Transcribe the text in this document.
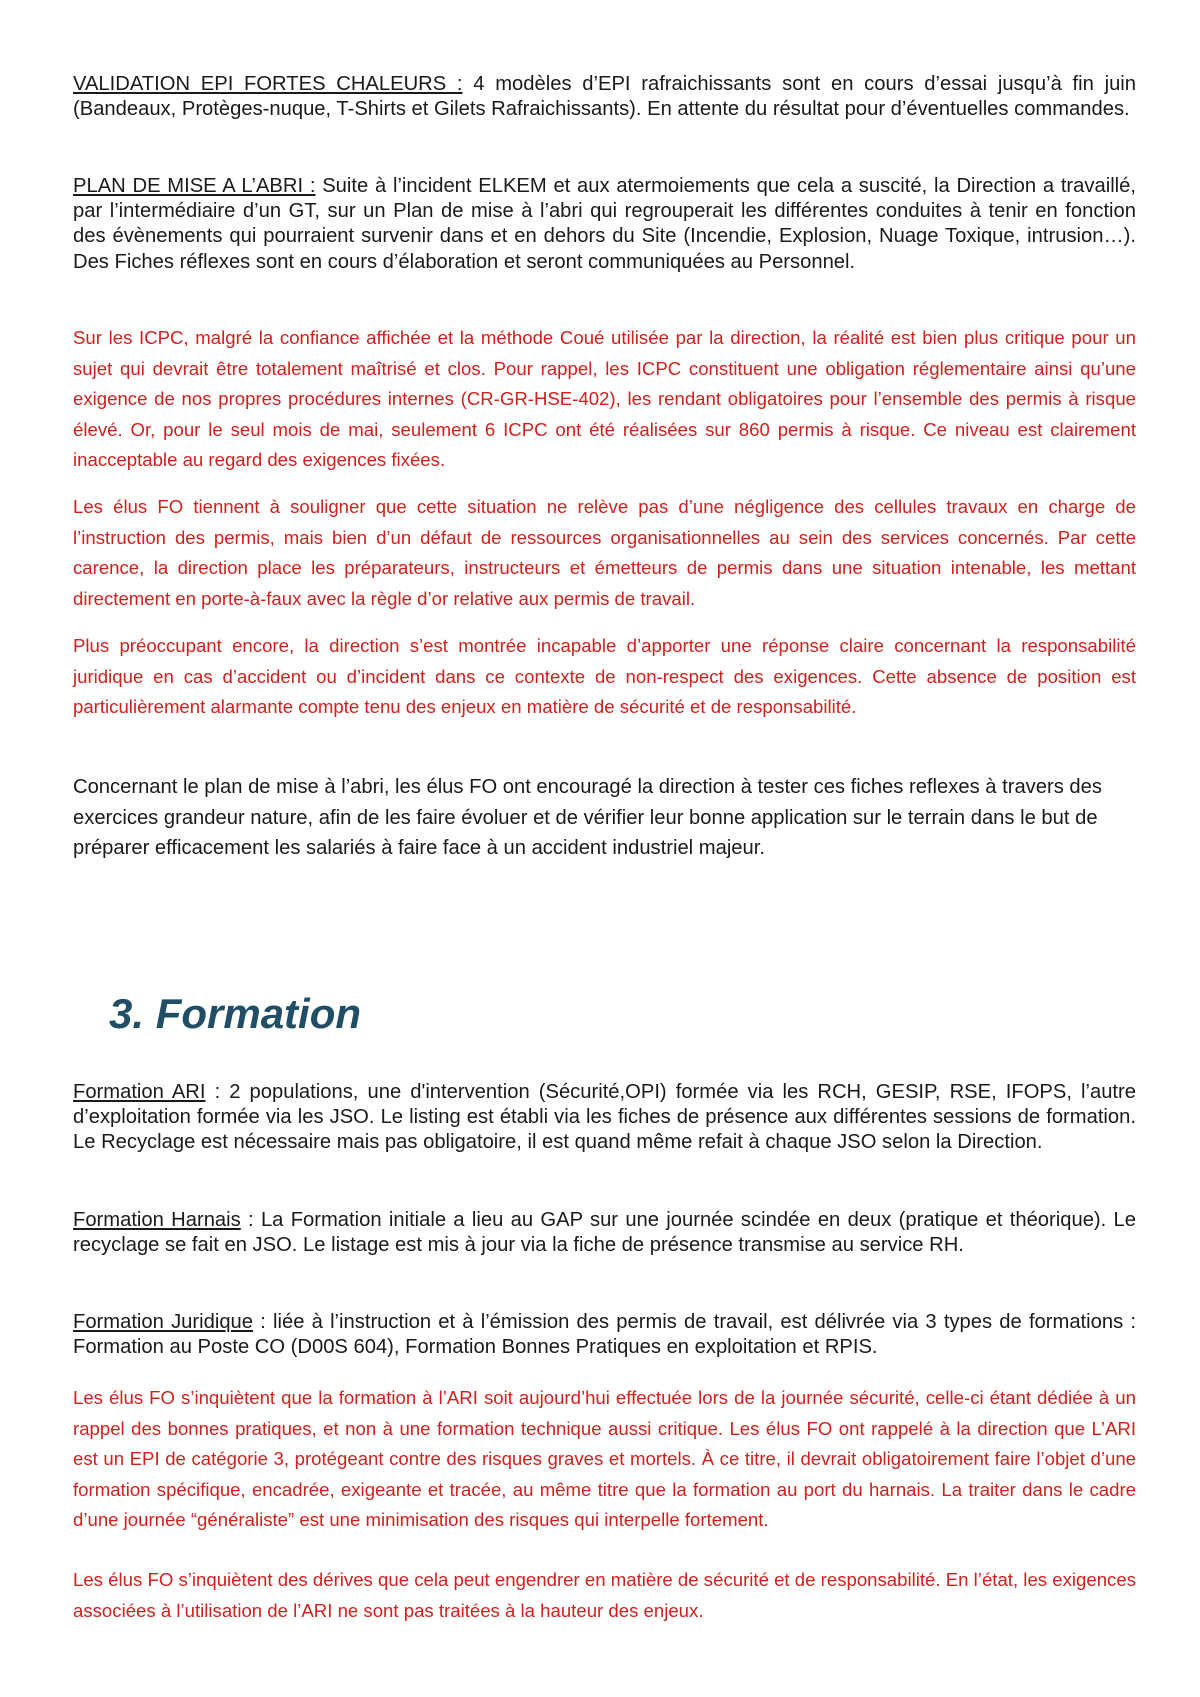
VALIDATION EPI FORTES CHALEURS : 4 modèles d’EPI rafraichissants sont en cours d’essai jusqu’à fin juin (Bandeaux, Protèges-nuque, T-Shirts et Gilets Rafraichissants). En attente du résultat pour d’éventuelles commandes.

PLAN DE MISE A L’ABRI : Suite à l’incident ELKEM et aux atermoiements que cela a suscité, la Direction a travaillé, par l’intermédiaire d’un GT, sur un Plan de mise à l’abri qui regrouperait les différentes conduites à tenir en fonction des évènements qui pourraient survenir dans et en dehors du Site (Incendie, Explosion, Nuage Toxique, intrusion…). Des Fiches réflexes sont en cours d’élaboration et seront communiquées au Personnel.

Sur les ICPC, malgré la confiance affichée et la méthode Coué utilisée par la direction, la réalité est bien plus critique pour un sujet qui devrait être totalement maîtrisé et clos. Pour rappel, les ICPC constituent une obligation réglementaire ainsi qu’une exigence de nos propres procédures internes (CR-GR-HSE-402), les rendant obligatoires pour l’ensemble des permis à risque élevé. Or, pour le seul mois de mai, seulement 6 ICPC ont été réalisées sur 860 permis à risque. Ce niveau est clairement inacceptable au regard des exigences fixées.

Les élus FO tiennent à souligner que cette situation ne relève pas d’une négligence des cellules travaux en charge de l’instruction des permis, mais bien d’un défaut de ressources organisationnelles au sein des services concernés. Par cette carence, la direction place les préparateurs, instructeurs et émetteurs de permis dans une situation intenable, les mettant directement en porte-à-faux avec la règle d’or relative aux permis de travail.

Plus préoccupant encore, la direction s’est montrée incapable d’apporter une réponse claire concernant la responsabilité juridique en cas d’accident ou d’incident dans ce contexte de non-respect des exigences. Cette absence de position est particulièrement alarmante compte tenu des enjeux en matière de sécurité et de responsabilité.

Concernant le plan de mise à l’abri, les élus FO ont encouragé la direction à tester ces fiches reflexes à travers des exercices grandeur nature, afin de les faire évoluer et de vérifier leur bonne application sur le terrain dans le but de préparer efficacement les salariés à faire face à un accident industriel majeur.

3. Formation

Formation ARI : 2 populations, une d'intervention (Sécurité,OPI) formée via les RCH, GESIP, RSE, IFOPS, l’autre d’exploitation formée via les JSO. Le listing est établi via les fiches de présence aux différentes sessions de formation. Le Recyclage est nécessaire mais pas obligatoire, il est quand même refait à chaque JSO selon la Direction.

Formation Harnais : La Formation initiale a lieu au GAP sur une journée scindée en deux (pratique et théorique). Le recyclage se fait en JSO. Le listage est mis à jour via la fiche de présence transmise au service RH.

Formation Juridique : liée à l’instruction et à l’émission des permis de travail, est délivrée via 3 types de formations : Formation au Poste CO (D00S 604), Formation Bonnes Pratiques en exploitation et RPIS.

Les élus FO s’inquiètent que la formation à l’ARI soit aujourd’hui effectuée lors de la journée sécurité, celle-ci étant dédiée à un rappel des bonnes pratiques, et non à une formation technique aussi critique. Les élus FO ont rappelé à la direction que L’ARI est un EPI de catégorie 3, protégeant contre des risques graves et mortels. À ce titre, il devrait obligatoirement faire l’objet d’une formation spécifique, encadrée, exigeante et tracée, au même titre que la formation au port du harnais. La traiter dans le cadre d’une journée “généraliste” est une minimisation des risques qui interpelle fortement.

Les élus FO s’inquiètent des dérives que cela peut engendrer en matière de sécurité et de responsabilité. En l’état, les exigences associées à l’utilisation de l’ARI ne sont pas traitées à la hauteur des enjeux.
